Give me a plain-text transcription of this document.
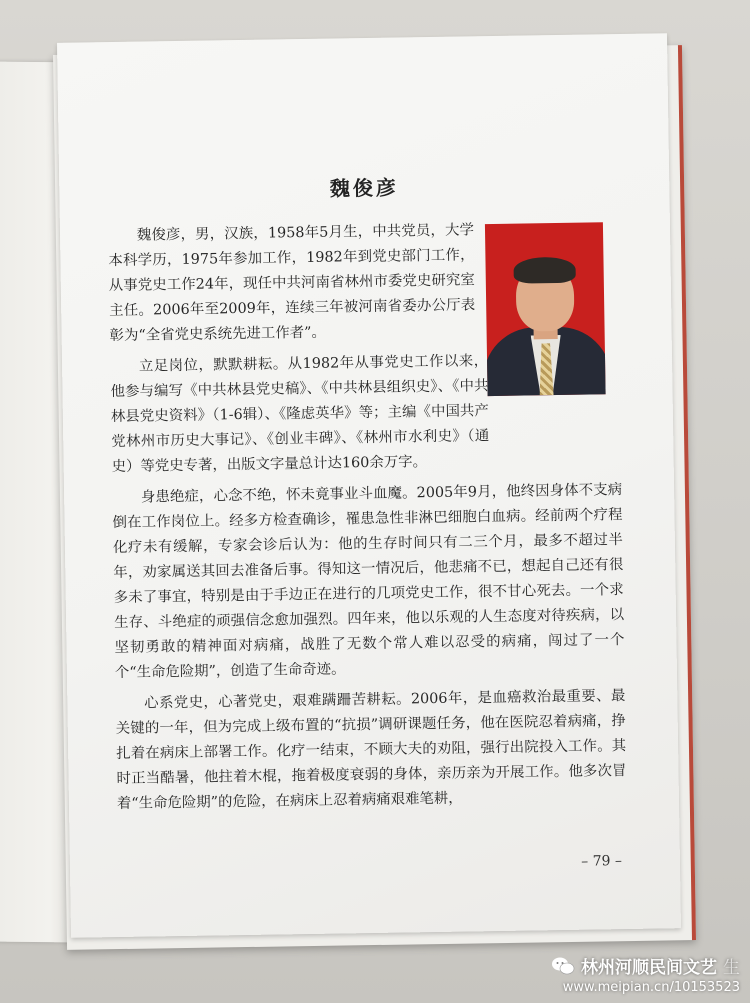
魏俊彦

魏俊彦，男，汉族，1958年5月生，中共党员，大学本科学历，1975年参加工作，1982年到党史部门工作，从事党史工作24年，现任中共河南省林州市委党史研究室主任。2006年至2009年，连续三年被河南省委办公厅表彰为“全省党史系统先进工作者”。

立足岗位，默默耕耘。从1982年从事党史工作以来，他参与编写《中共林县党史稿》、《中共林县组织史》、《中共林县党史资料》（1-6辑）、《隆虑英华》等；主编《中国共产党林州市历史大事记》、《创业丰碑》、《林州市水利史》（通史）等党史专著，出版文字量总计达160余万字。

身患绝症，心念不绝，怀未竟事业斗血魔。2005年9月，他终因身体不支病倒在工作岗位上。经多方检查确诊，罹患急性非淋巴细胞白血病。经前两个疗程化疗未有缓解，专家会诊后认为：他的生存时间只有二三个月，最多不超过半年，劝家属送其回去准备后事。得知这一情况后，他悲痛不已，想起自己还有很多未了事宜，特别是由于手边正在进行的几项党史工作，很不甘心死去。一个求生存、斗绝症的顽强信念愈加强烈。四年来，他以乐观的人生态度对待疾病，以坚韧勇敢的精神面对病痛，战胜了无数个常人难以忍受的病痛，闯过了一个个“生命危险期”，创造了生命奇迹。

心系党史，心著党史，艰难蹒跚苦耕耘。2006年，是血癌救治最重要、最关键的一年，但为完成上级布置的“抗损”调研课题任务，他在医院忍着病痛，挣扎着在病床上部署工作。化疗一结束，不顾大夫的劝阻，强行出院投入工作。其时正当酷暑，他拄着木棍，拖着极度衰弱的身体，亲历亲为开展工作。他多次冒着“生命危险期”的危险，在病床上忍着病痛艰难笔耕，

– 79 –
林州河顺民间文艺 生
www.meipian.cn/10153523
